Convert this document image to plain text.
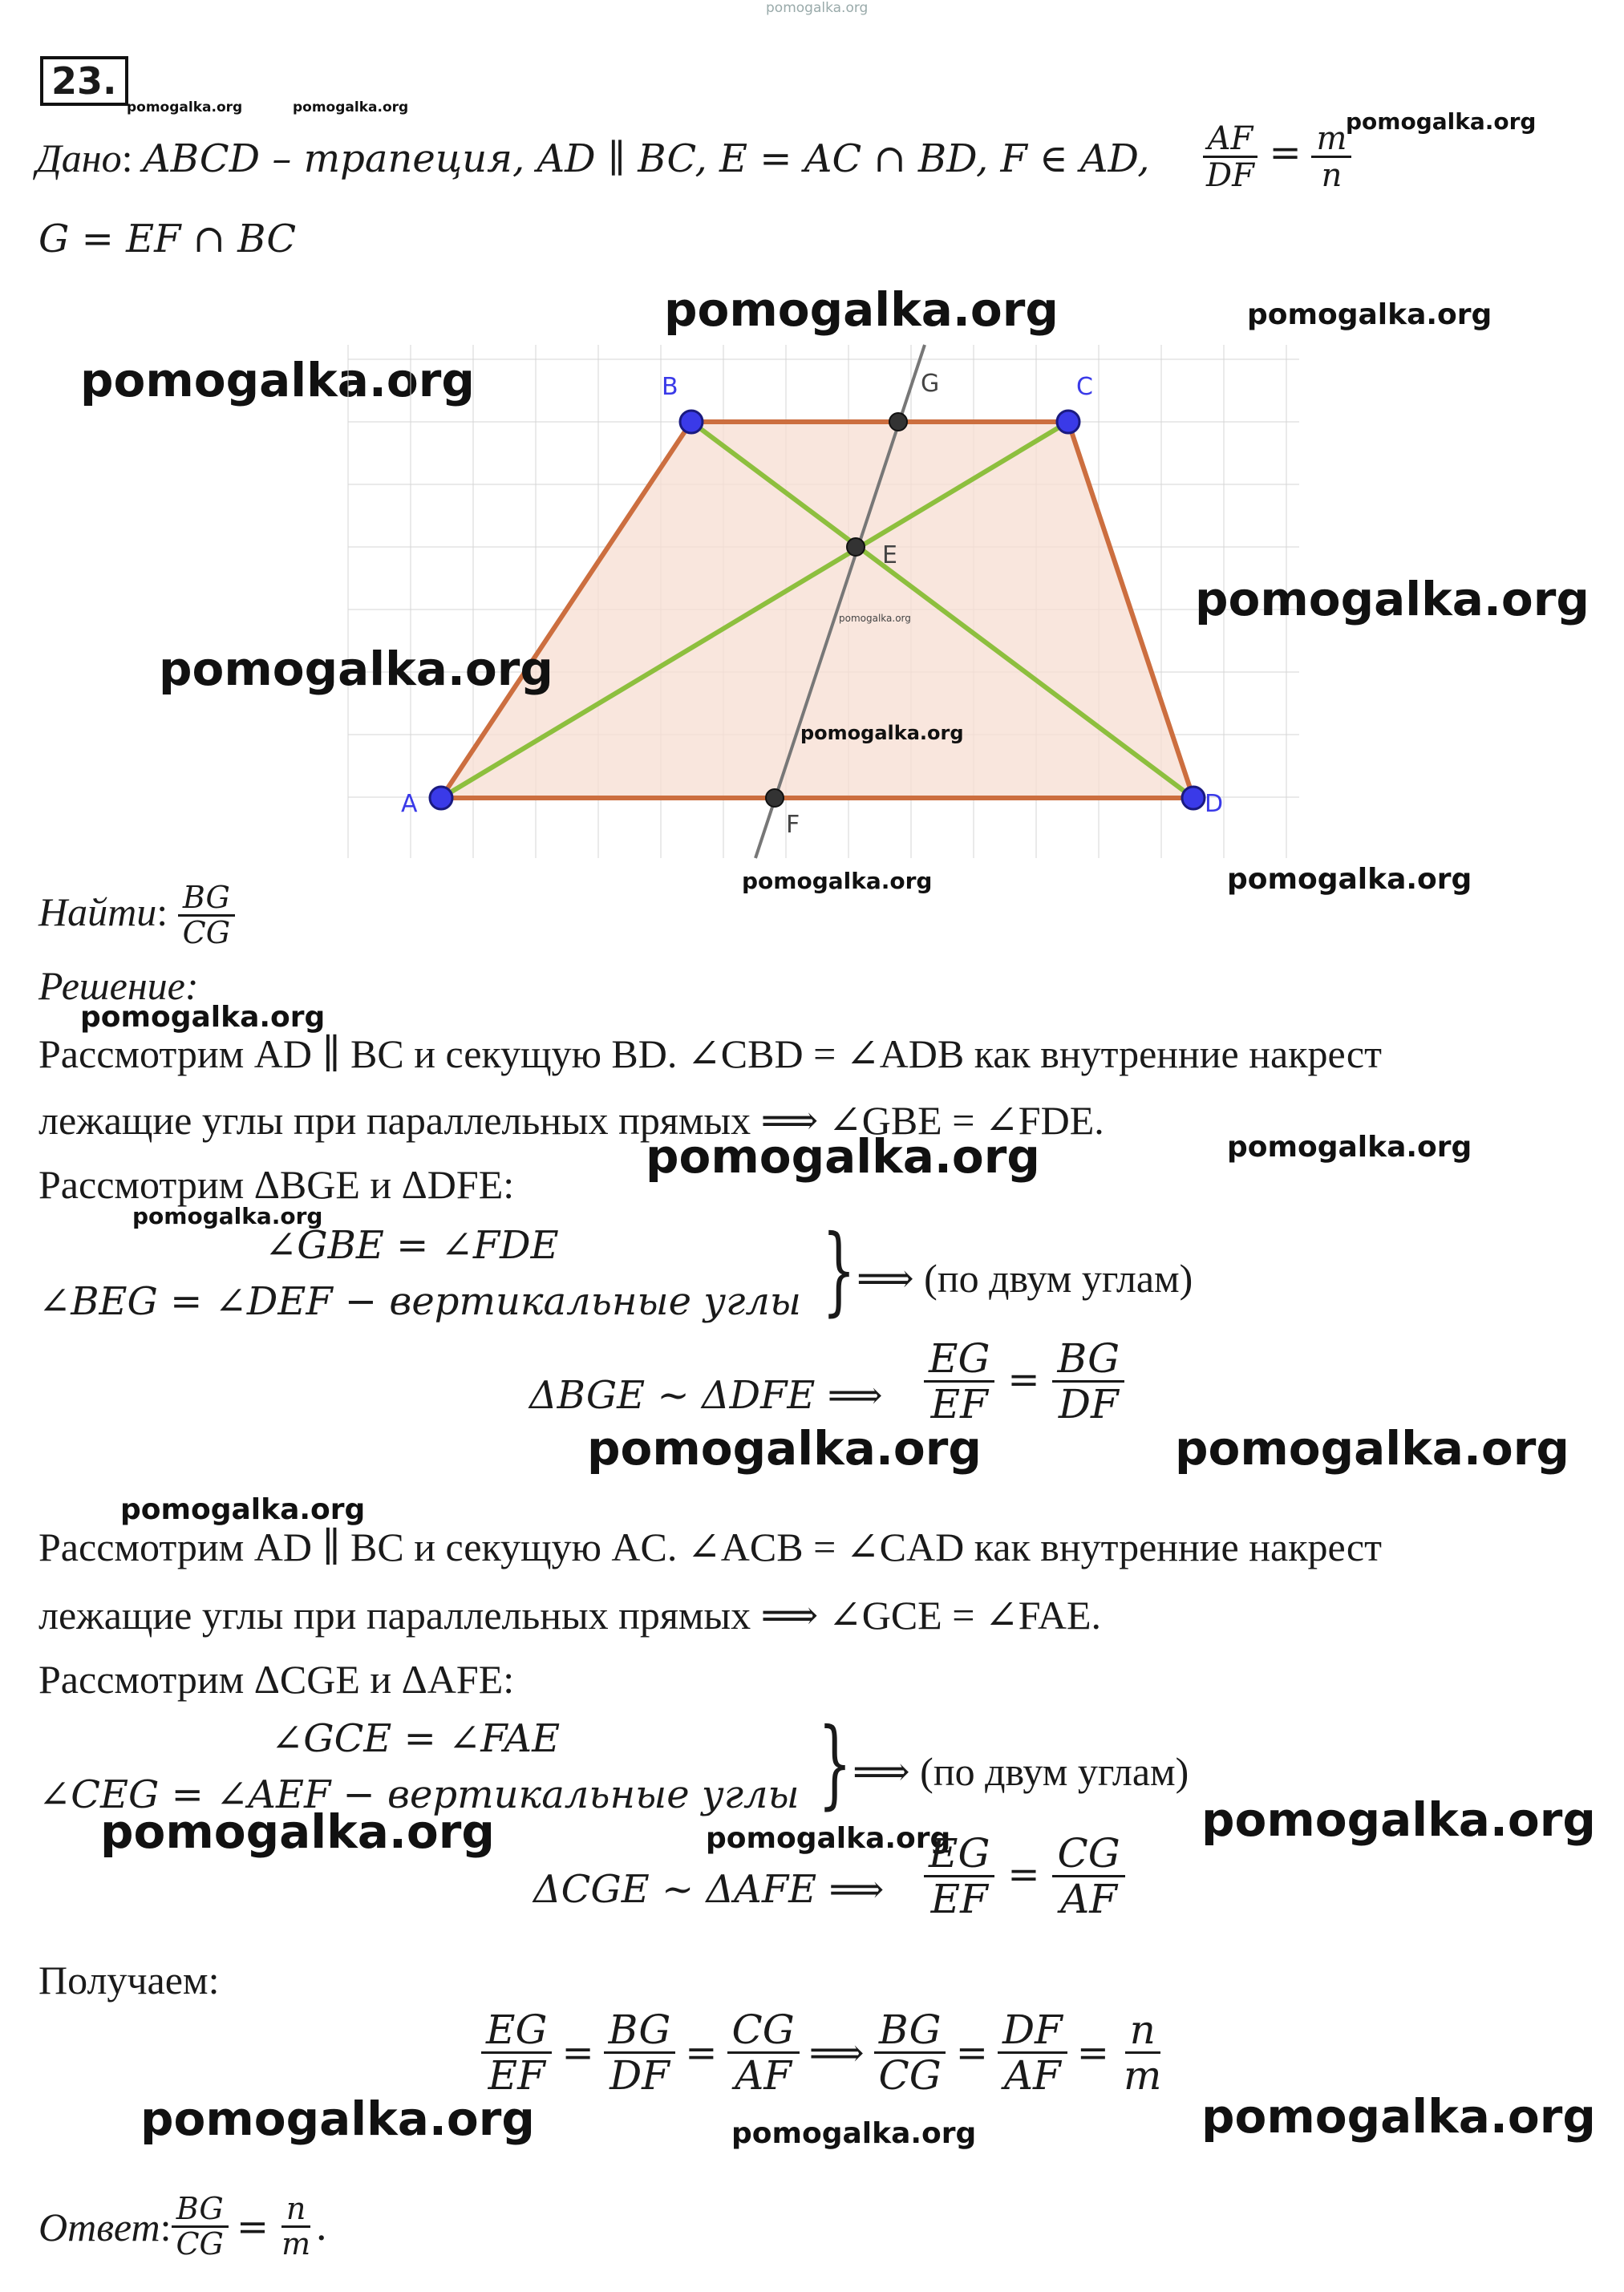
pomogalka.org
23.
pomogalka.org	pomogalka.org
Дано: ABCD – трапеция, AD ∥ BC, E = AC ∩ BD, F ∈ AD, $\frac{AF}{DF} = \frac{m}{n}$
pomogalka.org
G = EF ∩ BC
pomogalka.org	pomogalka.org
pomogalka.org	B	C
A	D
G
E
F
pomogalka.org
pomogalka.org
pomogalka.org
pomogalka.org
pomogalka.org	pomogalka.org
Найти: $\frac{BG}{CG}$
Решение:
pomogalka.org
Рассмотрим AD ∥ BC и секущую BD. ∠CBD = ∠ADB как внутренние накрест
лежащие углы при параллельных прямых ⟹ ∠GBE = ∠FDE.
pomogalka.org	pomogalka.org
Рассмотрим ΔBGE и ΔDFE:
pomogalka.org
∠GBE = ∠FDE
∠BEG = ∠DEF − вертикальные углы } ⟹ (по двум углам)
ΔBGE ~ ΔDFE ⟹ $\frac{EG}{EF} = \frac{BG}{DF}$
pomogalka.org	pomogalka.org
pomogalka.org
Рассмотрим AD ∥ BC и секущую AC. ∠ACB = ∠CAD как внутренние накрест
лежащие углы при параллельных прямых ⟹ ∠GCE = ∠FAE.
Рассмотрим ΔCGE и ΔAFE:
∠GCE = ∠FAE
∠CEG = ∠AEF − вертикальные углы } ⟹ (по двум углам)
pomogalka.org	pomogalka.org
pomogalka.org
ΔCGE ~ ΔAFE ⟹ $\frac{EG}{EF} = \frac{CG}{AF}$
Получаем:
$\frac{EG}{EF} = \frac{BG}{DF} = \frac{CG}{AF}$ ⟹ $\frac{BG}{CG} = \frac{DF}{AF} = \frac{n}{m}$
pomogalka.org	pomogalka.org
pomogalka.org
Ответ : $\frac{BG}{CG} = \frac{n}{m}$ .
